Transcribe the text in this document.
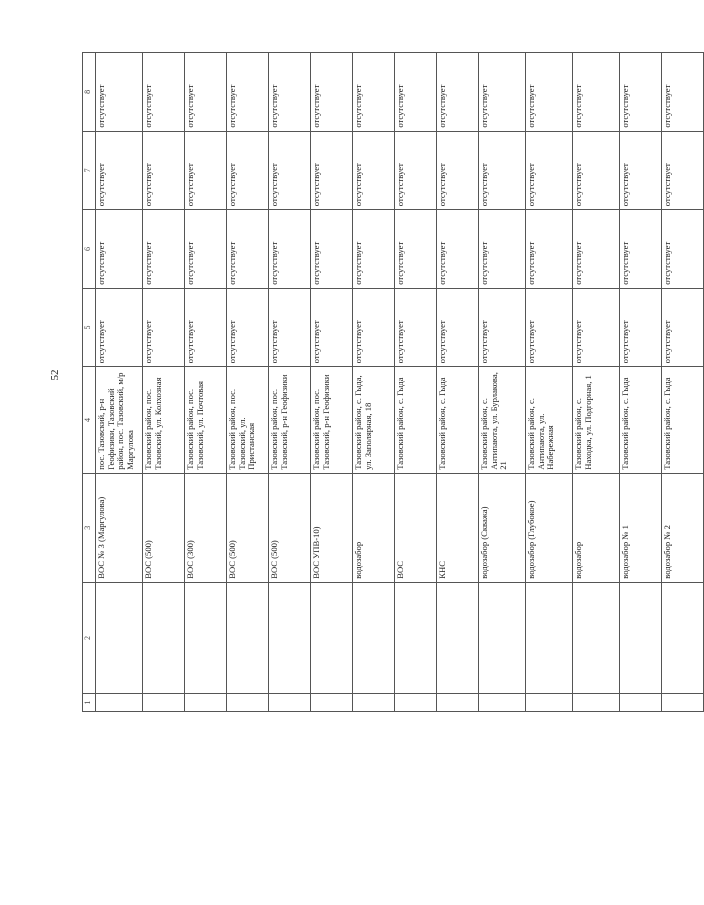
52
1	2	3	4	5	6	7	8
		ВОС № 3 (Маргулова)	пос. Тазовский, р-н Геофизики, Тазовский район, пос. Тазовский, м/р Маргулова	отсутствует	отсутствует	отсутствует	отсутствует
		ВОС (500)	Тазовский район, пос. Тазовский, ул. Колхозная	отсутствует	отсутствует	отсутствует	отсутствует
		ВОС (300)	Тазовский район, пос. Тазовский, ул. Почтовая	отсутствует	отсутствует	отсутствует	отсутствует
		ВОС (500)	Тазовский район, пос. Тазовский, ул. Пристанская	отсутствует	отсутствует	отсутствует	отсутствует
		ВОС (500)	Тазовский район, пос. Тазовский, р-н Геофизики	отсутствует	отсутствует	отсутствует	отсутствует
		ВОС УПВ-10)	Тазовский район, пос. Тазовский, р-н Геофизики	отсутствует	отсутствует	отсутствует	отсутствует
		водозабор	Тазовский район, с. Гыда, ул. Заполярная, 18	отсутствует	отсутствует	отсутствует	отсутствует
		ВОС	Тазовский район, с. Гыда	отсутствует	отсутствует	отсутствует	отсутствует
		КНС	Тазовский район, с. Гыда	отсутствует	отсутствует	отсутствует	отсутствует
		водозабор (Скважа)	Тазовский район, с. Антипаюта, ул. Бурлакова, 21	отсутствует	отсутствует	отсутствует	отсутствует
		водозабор (Глубокое)	Тазовский район, с. Антипаюта, ул. Набережная	отсутствует	отсутствует	отсутствует	отсутствует
		водозабор	Тазовский район, с. Находка, ул. Подгорная, 1	отсутствует	отсутствует	отсутствует	отсутствует
		водозабор № 1	Тазовский район, с. Гыда	отсутствует	отсутствует	отсутствует	отсутствует
		водозабор № 2	Тазовский район, с. Гыда	отсутствует	отсутствует	отсутствует	отсутствует
